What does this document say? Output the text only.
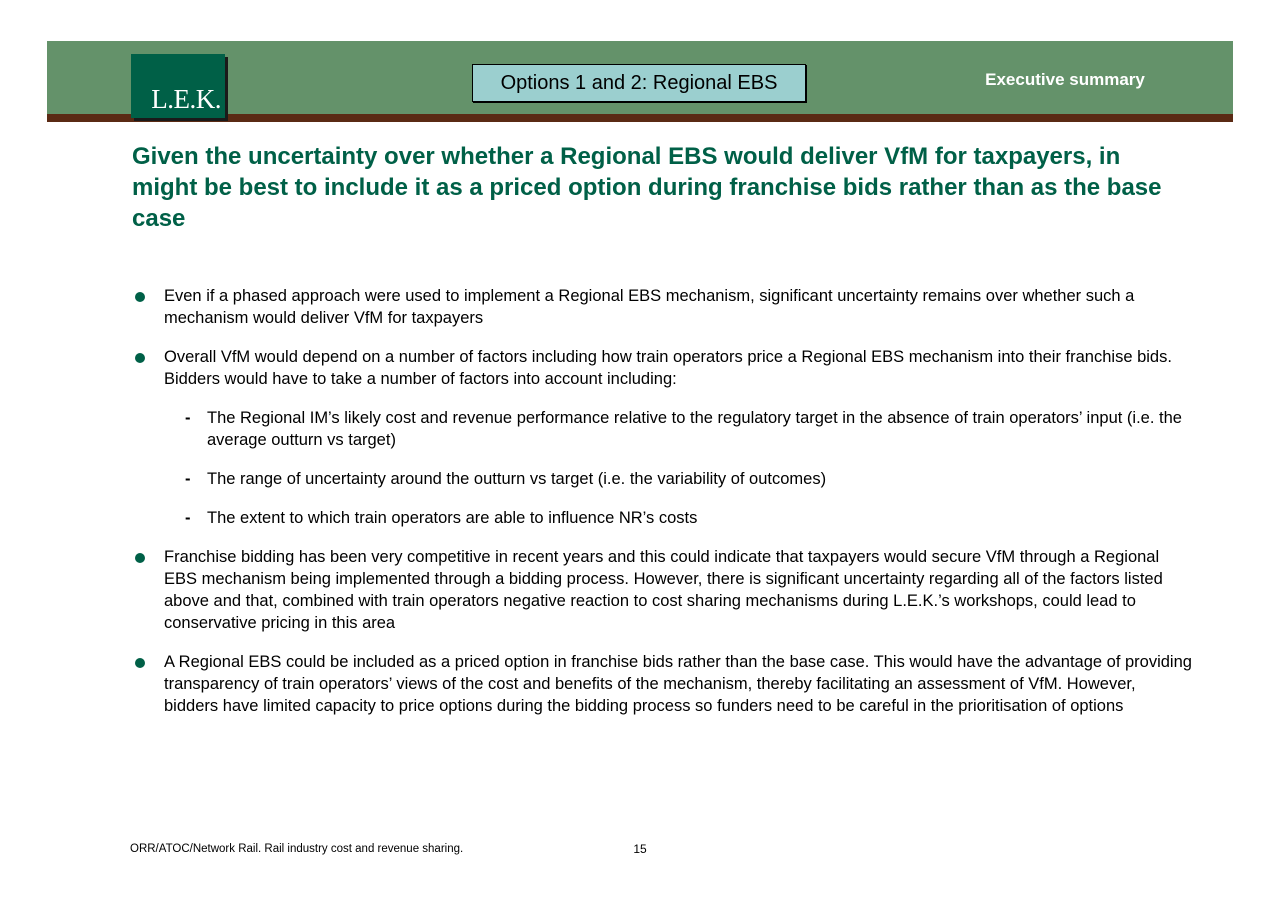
L.E.K.
Options 1 and 2: Regional EBS	Executive summary
Given the uncertainty over whether a Regional EBS would deliver VfM for taxpayers, in might be best to include it as a priced option during franchise bids rather than as the base case
Even if a phased approach were used to implement a Regional EBS mechanism, significant uncertainty remains over whether such a mechanism would deliver VfM for taxpayers
Overall VfM would depend on a number of factors including how train operators price a Regional EBS mechanism into their franchise bids. Bidders would have to take a number of factors into account including:
- The Regional IM’s likely cost and revenue performance relative to the regulatory target in the absence of train operators’ input (i.e. the average outturn vs target)
- The range of uncertainty around the outturn vs target (i.e. the variability of outcomes)
- The extent to which train operators are able to influence NR’s costs
Franchise bidding has been very competitive in recent years and this could indicate that taxpayers would secure VfM through a Regional EBS mechanism being implemented through a bidding process. However, there is significant uncertainty regarding all of the factors listed above and that, combined with train operators negative reaction to cost sharing mechanisms during L.E.K.’s workshops, could lead to conservative pricing in this area
A Regional EBS could be included as a priced option in franchise bids rather than the base case. This would have the advantage of providing transparency of train operators’ views of the cost and benefits of the mechanism, thereby facilitating an assessment of VfM. However, bidders have limited capacity to price options during the bidding process so funders need to be careful in the prioritisation of options
ORR/ATOC/Network Rail. Rail industry cost and revenue sharing.	15
